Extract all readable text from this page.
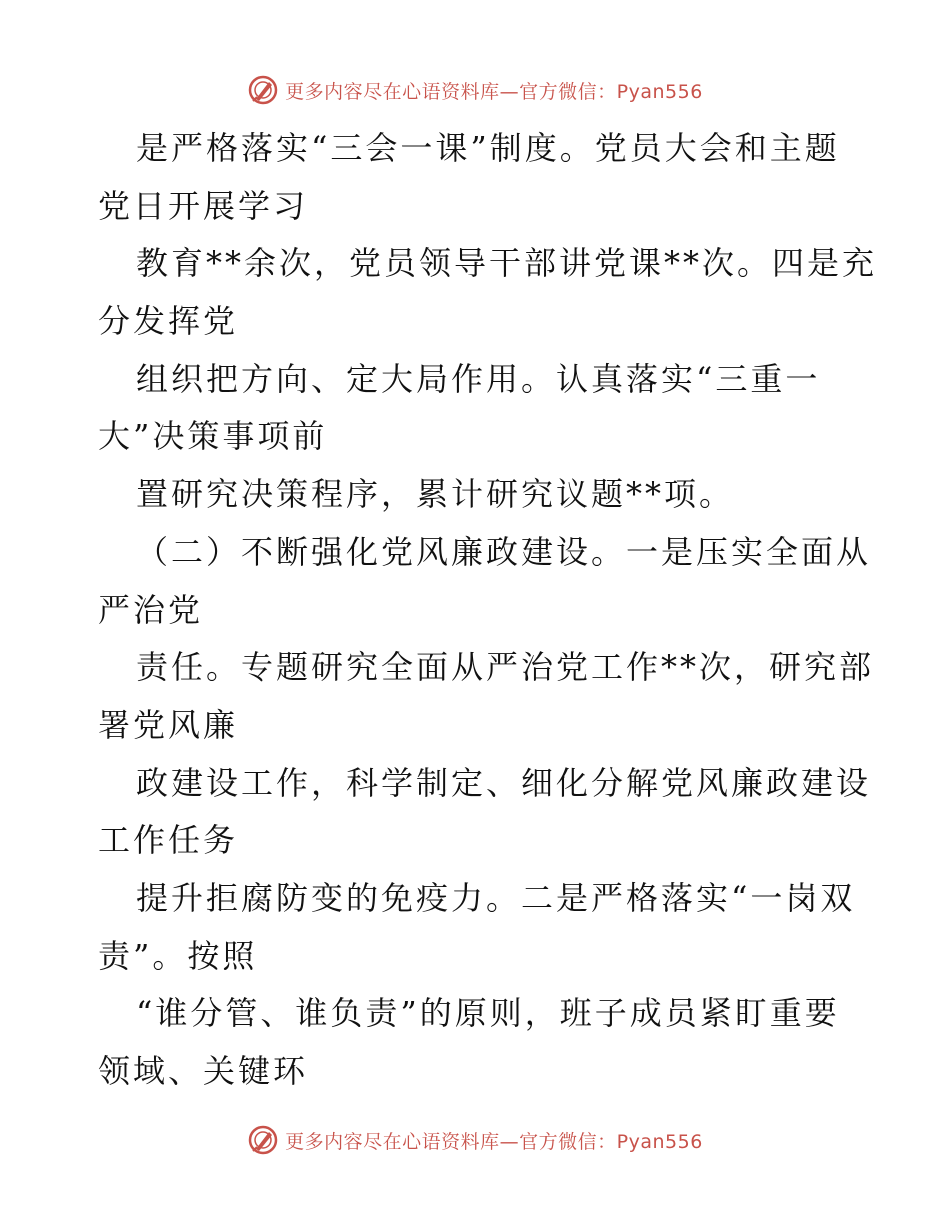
更多内容尽在心语资料库—官方微信：Pyan556
是严格落实“三会一课”制度。党员大会和主题
党日开展学习
教育**余次，党员领导干部讲党课**次。四是充
分发挥党
组织把方向、定大局作用。认真落实“三重一
大”决策事项前
置研究决策程序，累计研究议题**项。
（二）不断强化党风廉政建设。一是压实全面从
严治党
责任。专题研究全面从严治党工作**次，研究部
署党风廉
政建设工作，科学制定、细化分解党风廉政建设
工作任务
提升拒腐防变的免疫力。二是严格落实“一岗双
责”。按照
“谁分管、谁负责”的原则，班子成员紧盯重要
领域、关键环
更多内容尽在心语资料库—官方微信：Pyan556
